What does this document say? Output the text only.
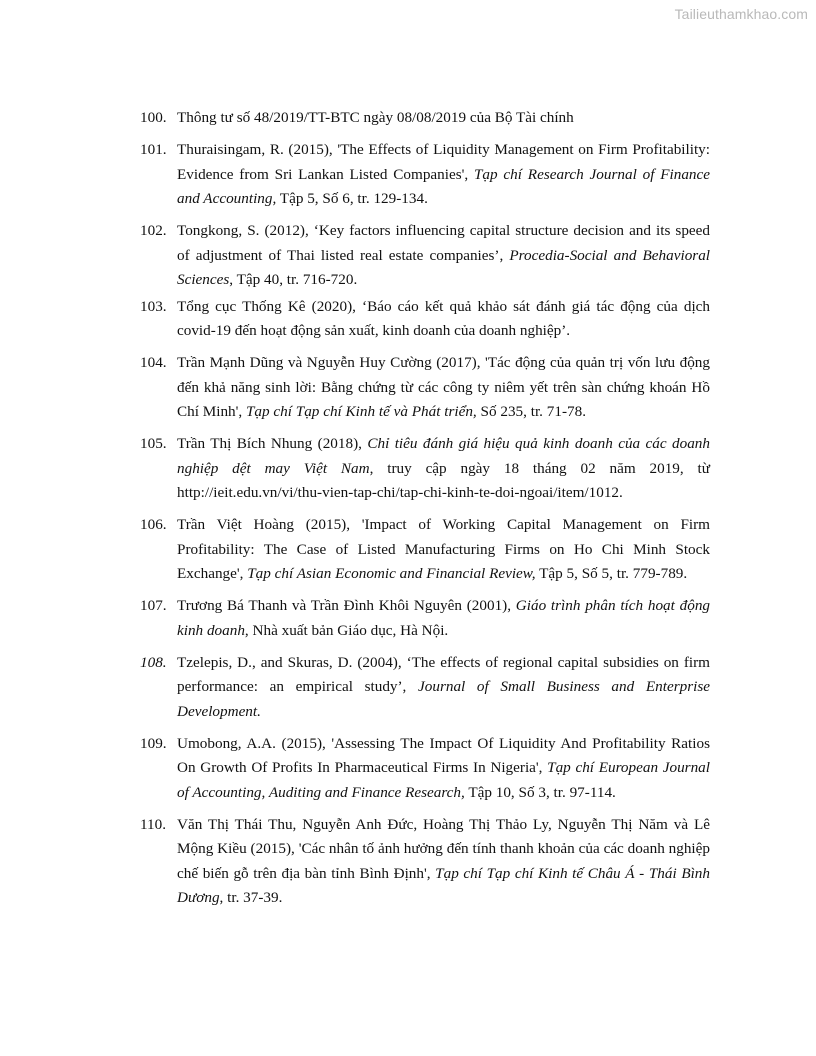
Tailieuthamkhao.com
100. Thông tư số 48/2019/TT-BTC ngày 08/08/2019 của Bộ Tài chính
101. Thuraisingam, R. (2015), 'The Effects of Liquidity Management on Firm Profitability: Evidence from Sri Lankan Listed Companies', Tạp chí Research Journal of Finance and Accounting, Tập 5, Số 6, tr. 129-134.
102. Tongkong, S. (2012), ‘Key factors influencing capital structure decision and its speed of adjustment of Thai listed real estate companies’, Procedia-Social and Behavioral Sciences, Tập 40, tr. 716-720.
103. Tổng cục Thống Kê (2020), ‘Báo cáo kết quả khảo sát đánh giá tác động của dịch covid-19 đến hoạt động sản xuất, kinh doanh của doanh nghiệp’.
104. Trần Mạnh Dũng và Nguyễn Huy Cường (2017), 'Tác động của quản trị vốn lưu động đến khả năng sinh lời: Bằng chứng từ các công ty niêm yết trên sàn chứng khoán Hồ Chí Minh', Tạp chí Tạp chí Kinh tế và Phát triển, Số 235, tr. 71-78.
105. Trần Thị Bích Nhung (2018), Chỉ tiêu đánh giá hiệu quả kinh doanh của các doanh nghiệp dệt may Việt Nam, truy cập ngày 18 tháng 02 năm 2019, từ http://ieit.edu.vn/vi/thu-vien-tap-chi/tap-chi-kinh-te-doi-ngoai/item/1012.
106. Trần Việt Hoàng (2015), 'Impact of Working Capital Management on Firm Profitability: The Case of Listed Manufacturing Firms on Ho Chi Minh Stock Exchange', Tạp chí Asian Economic and Financial Review, Tập 5, Số 5, tr. 779-789.
107. Trương Bá Thanh và Trần Đình Khôi Nguyên (2001), Giáo trình phân tích hoạt động kinh doanh, Nhà xuất bản Giáo dục, Hà Nội.
108. Tzelepis, D., and Skuras, D. (2004), ‘The effects of regional capital subsidies on firm performance: an empirical study’, Journal of Small Business and Enterprise Development.
109. Umobong, A.A. (2015), 'Assessing The Impact Of Liquidity And Profitability Ratios On Growth Of Profits In Pharmaceutical Firms In Nigeria', Tạp chí European Journal of Accounting, Auditing and Finance Research, Tập 10, Số 3, tr. 97-114.
110. Văn Thị Thái Thu, Nguyễn Anh Đức, Hoàng Thị Thảo Ly, Nguyễn Thị Năm và Lê Mộng Kiều (2015), 'Các nhân tố ảnh hưởng đến tính thanh khoản của các doanh nghiệp chế biến gỗ trên địa bàn tỉnh Bình Định', Tạp chí Tạp chí Kinh tế Châu Á - Thái Bình Dương, tr. 37-39.
